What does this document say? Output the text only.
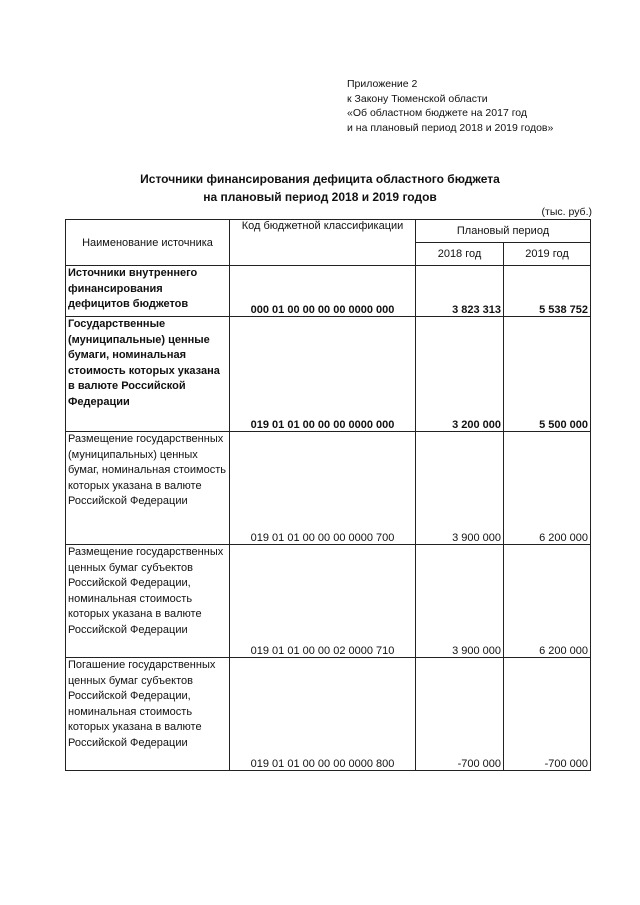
Приложение 2
к Закону Тюменской области
«Об областном бюджете на 2017 год
и на плановый период 2018 и 2019 годов»
Источники финансирования дефицита областного бюджета
на плановый период 2018 и 2019 годов
(тыс. руб.)
Наименование источника	Код бюджетной классификации	Плановый период	
		2018 год	2019 год
Источники внутреннего финансирования дефицитов бюджетов	000 01 00 00 00 00 0000 000	3 823 313	5 538 752
Государственные (муниципальные) ценные бумаги, номинальная стоимость которых указана в валюте Российской Федерации	019 01 01 00 00 00 0000 000	3 200 000	5 500 000
Размещение государственных (муниципальных) ценных бумаг, номинальная стоимость которых указана в валюте Российской Федерации	019 01 01 00 00 00 0000 700	3 900 000	6 200 000
Размещение государственных ценных бумаг субъектов Российской Федерации, номинальная стоимость которых указана в валюте Российской Федерации	019 01 01 00 00 02 0000 710	3 900 000	6 200 000
Погашение государственных ценных бумаг субъектов Российской Федерации, номинальная стоимость которых указана в валюте Российской Федерации	019 01 01 00 00 00 0000 800	-700 000	-700 000
